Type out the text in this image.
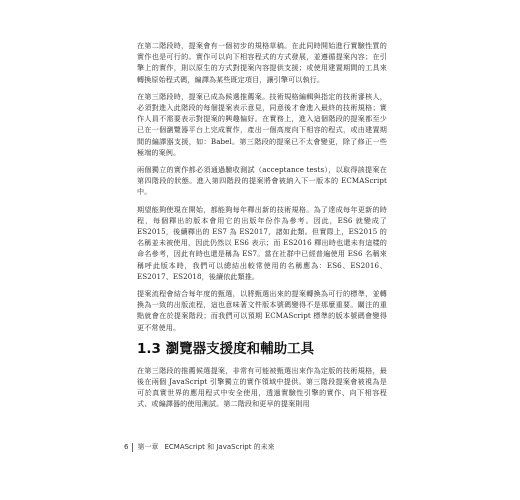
在第二階段時，提案會有一個初步的規格草稿。在此同時開始進行實驗性質的實作也是可行的。實作可以向下相容程式的方式發展，並遵循提案內容；在引擎上的實作，則以原生的方式對提案內容提供支援；或使用建置期間的工具來轉換原始程式碼，編譯為某些既定項目，讓引擎可以執行。

在第三階段時，提案已成為候選推薦案。技術規格編輯與指定的技術審核人，必須對進入此階段的每個提案表示意見，同意後才會進入最終的技術規格；實作人員不需要表示對提案的興趣偏好。在實務上，進入這個階段的提案都至少已在一個瀏覽器平台上完成實作，產出一個高度向下相容的程式，或由建置期間的編譯器支援，如：Babel。第三階段的提案已不太會變更，除了修正一些極端的案例。

兩個獨立的實作都必須通過驗收測試（acceptance tests），以取得該提案在第四階段的狀態。進入第四階段的提案將會被納入下一版本的 ECMAScript 中。

期望能夠使現在開始，都能夠每年釋出新的技術規格。為了達成每年更新的時程，每個釋出的版本會用它的出版年份作為參考。因此，ES6 就變成了 ES2015，後續釋出的 ES7 為 ES2017，諸如此類。但實際上，ES2015 的名稱並未被使用，因此仍然以 ES6 表示；而 ES2016 釋出時也還未有這樣的命名參考，因此有時也還是稱為 ES7。當在社群中已經普遍使用 ES6 名稱來稱呼此版本時，我們可以總結出較常使用的名稱應為：ES6、ES2016、ES2017、ES2018，後續依此類推。

提案流程會結合每年度的甄選，以將甄選出來的提案轉換為可行的標準，並轉換為一致的出版流程，這也意味著文件版本號碼變得不是那麼重要。關注的重點就會在於提案階段；而我們可以預期 ECMAScript 標準的版本號碼會變得更不常使用。

1.3 瀏覽器支援度和輔助工具

在第三階段的推薦候選提案，非常有可能被甄選出來作為定版的技術規格，最後在兩個 JavaScript 引擎獨立的實作領域中提供。第三階段提案會被視為是可於真實世界的應用程式中安全使用，透過實驗性引擎的實作、向下相容程式、或編譯器的使用測試。第二階段和更早的提案則用

6 第一章 ECMAScript 和 JavaScript 的未來
